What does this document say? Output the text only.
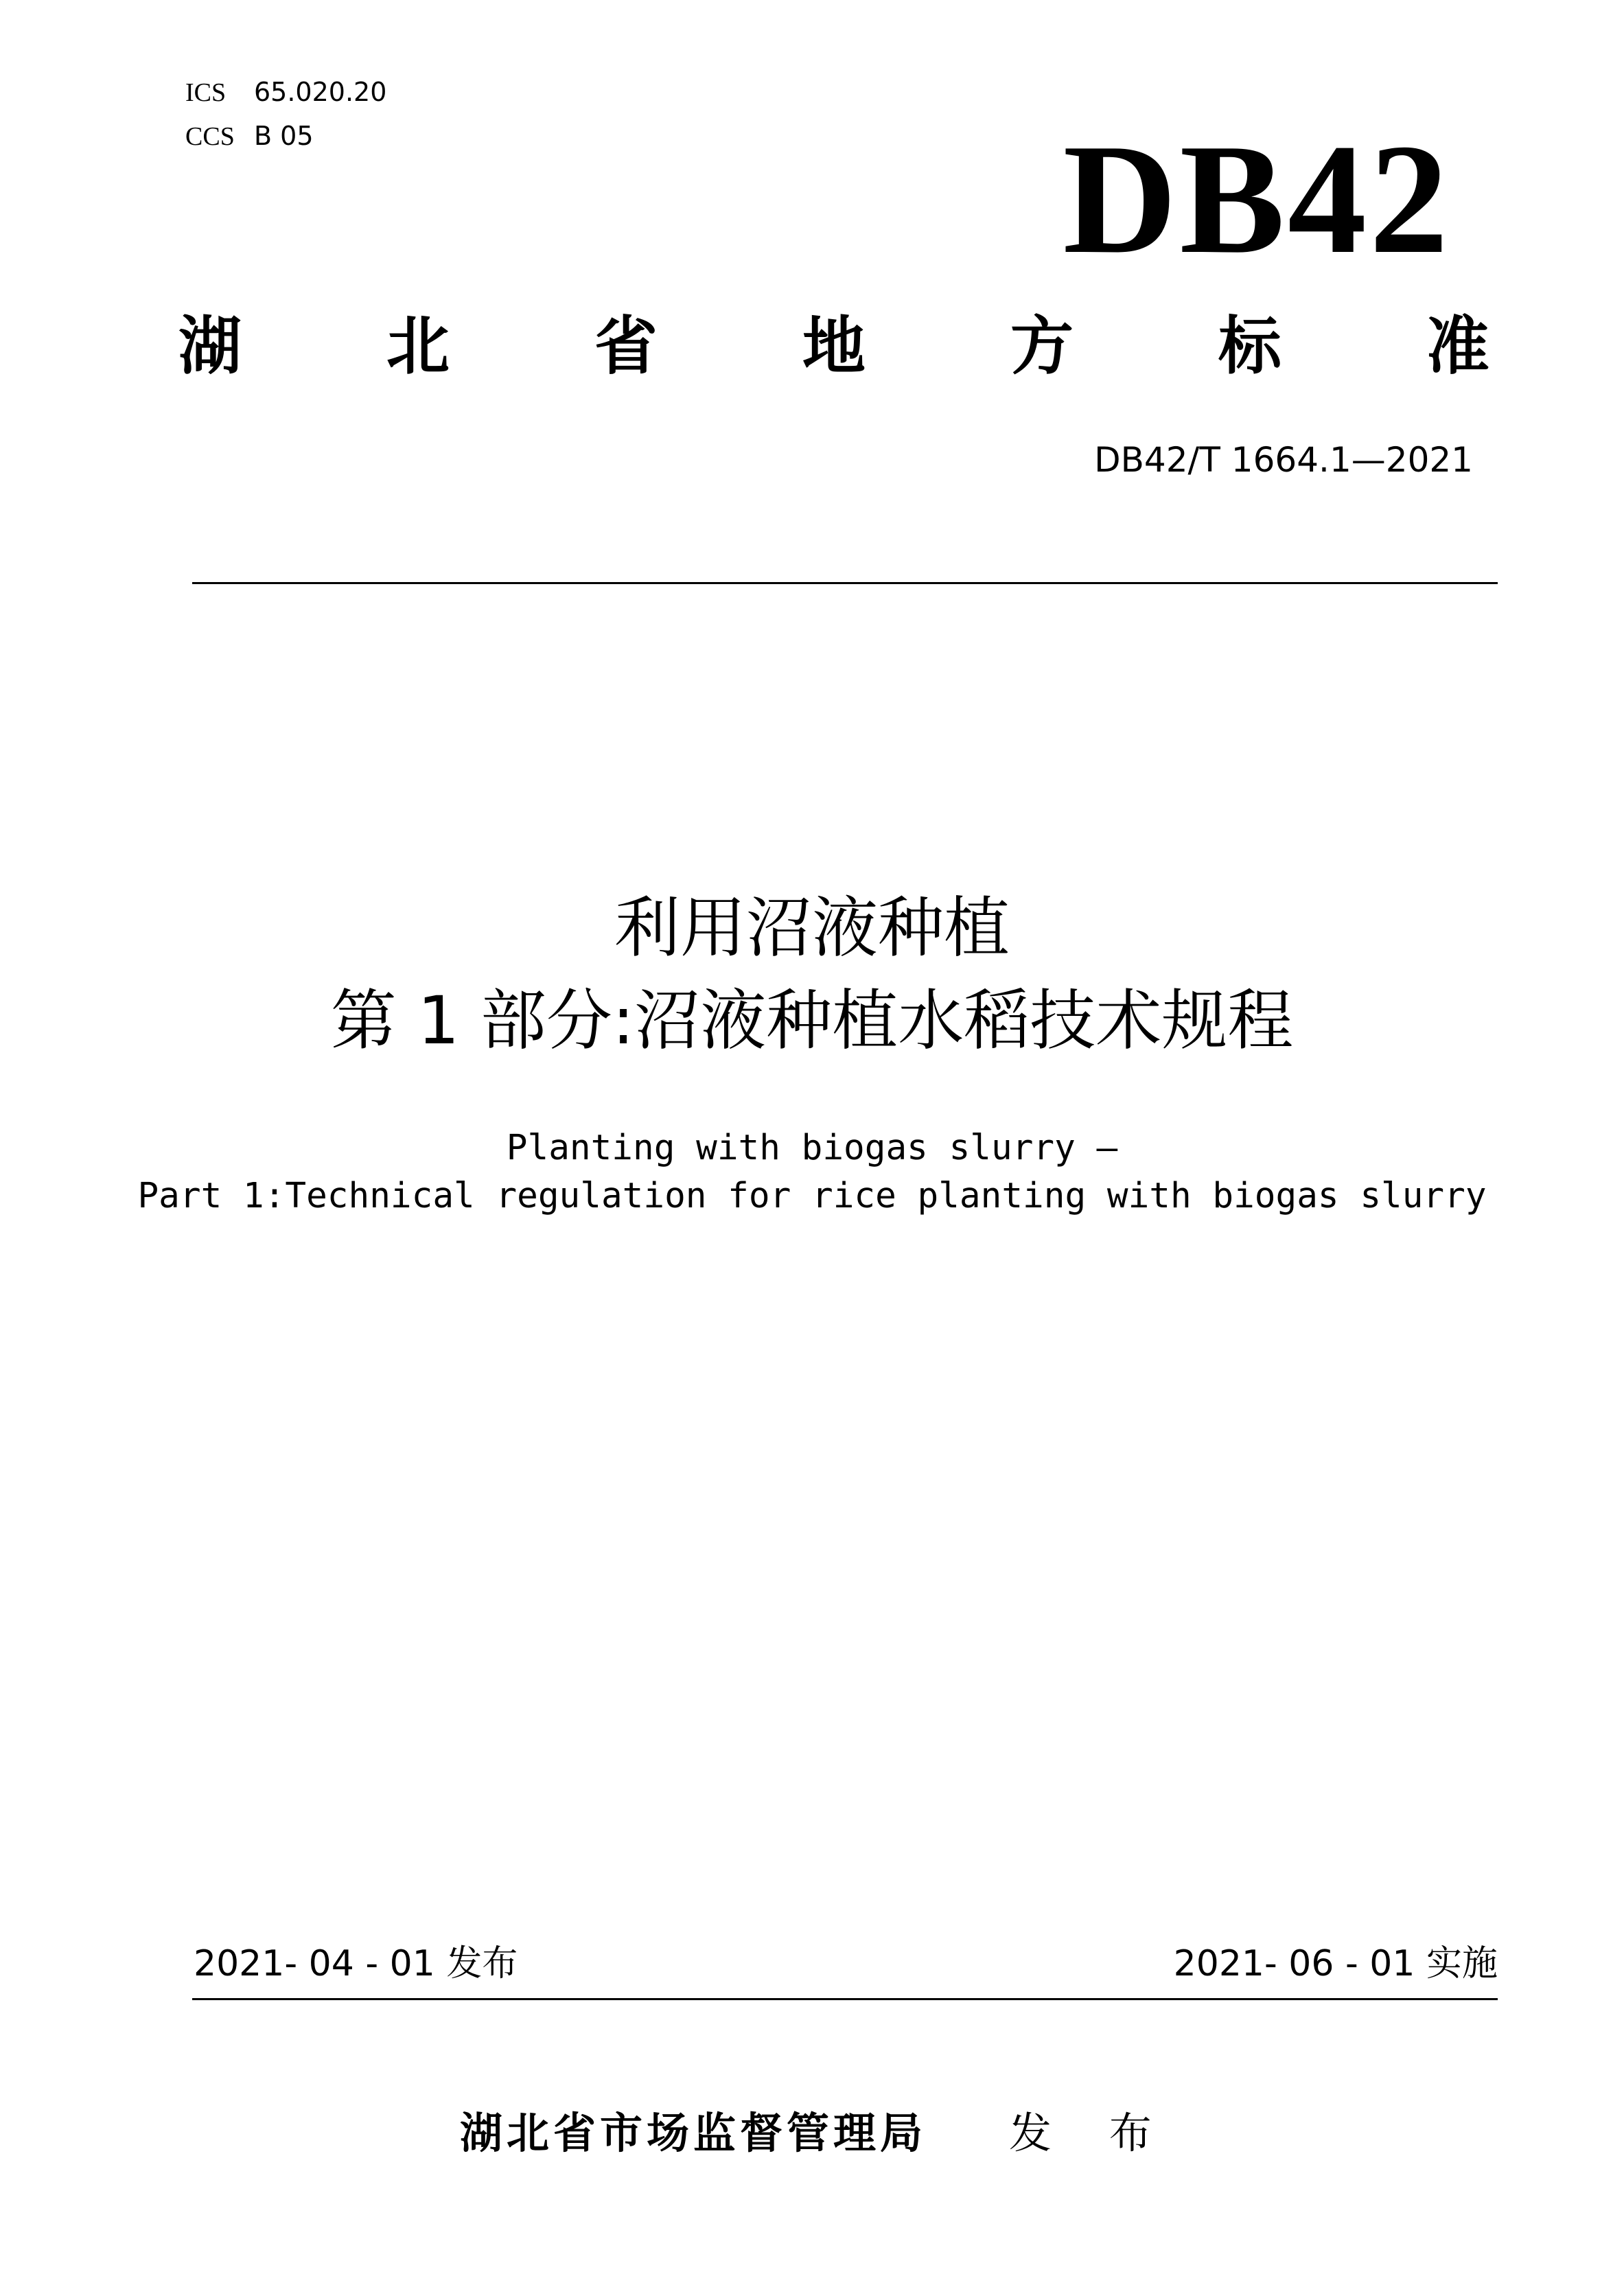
ICS 65.020.20
CCS B 05	DB42
湖 北 省 地 方 标 准
DB42/T 1664.1—2021
利用沼液种植
第 1 部分:沼液种植水稻技术规程
Planting with biogas slurry —
Part 1:Technical regulation for rice planting with biogas slurry
2021- 04 - 01 发布	2021- 06 - 01 实施
湖北省市场监督管理局 发 布
